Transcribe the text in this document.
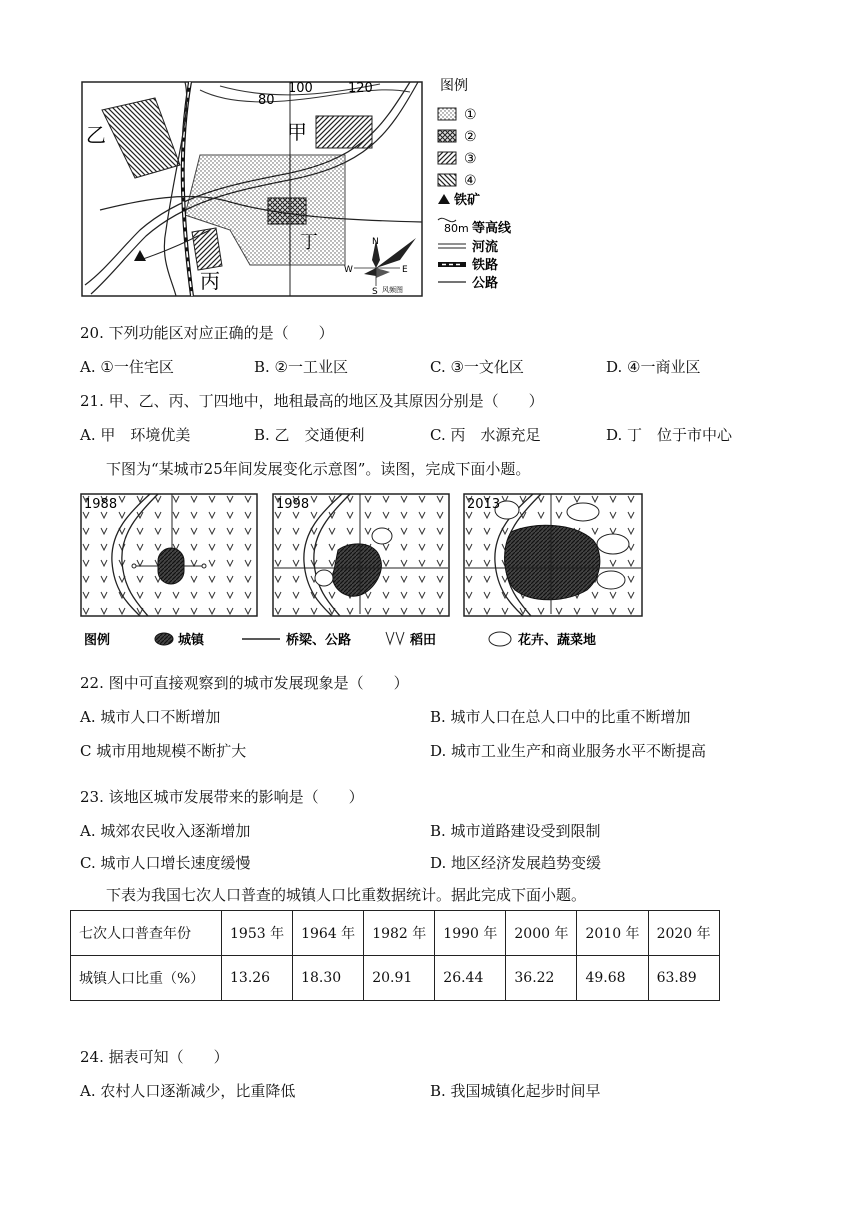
80
100	120
乙	甲
丙
丁	N
S
E
W
风频图
图例
①
②
③
④
铁矿
80m 等高线
河流
铁路
公路
20. 下列功能区对应正确的是（　　）
A. ①一住宅区	B. ②一工业区	C. ③一文化区	D. ④一商业区
21. 甲、乙、丙、丁四地中，地租最高的地区及其原因分别是（　　）
A. 甲　环境优美	B. 乙　交通便利	C. 丙　水源充足	D. 丁　位于市中心
下图为“某城市25年间发展变化示意图”。读图，完成下面小题。
1988	1998	2013
图例	城镇	桥梁、公路	稻田	花卉、蔬菜地
22. 图中可直接观察到的城市发展现象是（　　）
A. 城市人口不断增加	B. 城市人口在总人口中的比重不断增加
C 城市用地规模不断扩大	D. 城市工业生产和商业服务水平不断提高
23. 该地区城市发展带来的影响是（　　）
A. 城郊农民收入逐渐增加	B. 城市道路建设受到限制
C. 城市人口增长速度缓慢	D. 地区经济发展趋势变缓
下表为我国七次人口普查的城镇人口比重数据统计。据此完成下面小题。
七次人口普查年份	1953 年	1964 年	1982 年	1990 年	2000 年	2010 年	2020 年
城镇人口比重（%）	13.26	18.30	20.91	26.44	36.22	49.68	63.89
24. 据表可知（　　）
A. 农村人口逐渐减少，比重降低	B. 我国城镇化起步时间早
